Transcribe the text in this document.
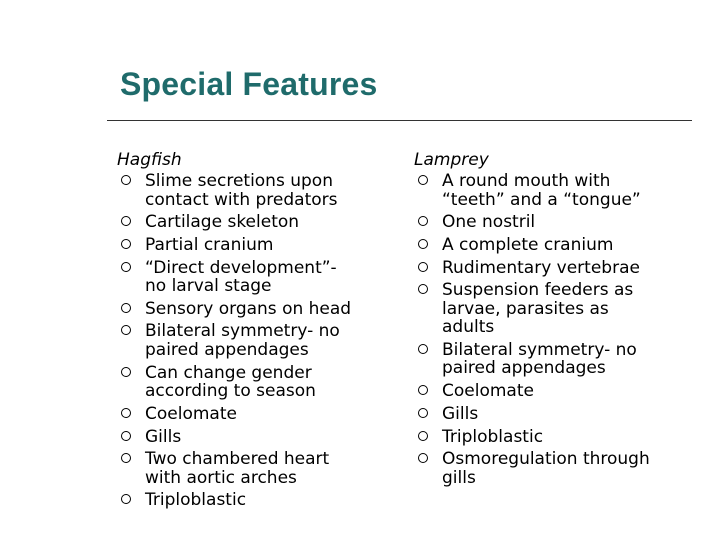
Special Features
Hagfish
Slime secretions upon
contact with predators
Cartilage skeleton
Partial cranium
“Direct development”-
no larval stage
Sensory organs on head
Bilateral symmetry- no
paired appendages
Can change gender
according to season
Coelomate
Gills
Two chambered heart
with aortic arches
Triploblastic
Lamprey
A round mouth with
“teeth” and a “tongue”
One nostril
A complete cranium
Rudimentary vertebrae
Suspension feeders as
larvae, parasites as
adults
Bilateral symmetry- no
paired appendages
Coelomate
Gills
Triploblastic
Osmoregulation through
gills
